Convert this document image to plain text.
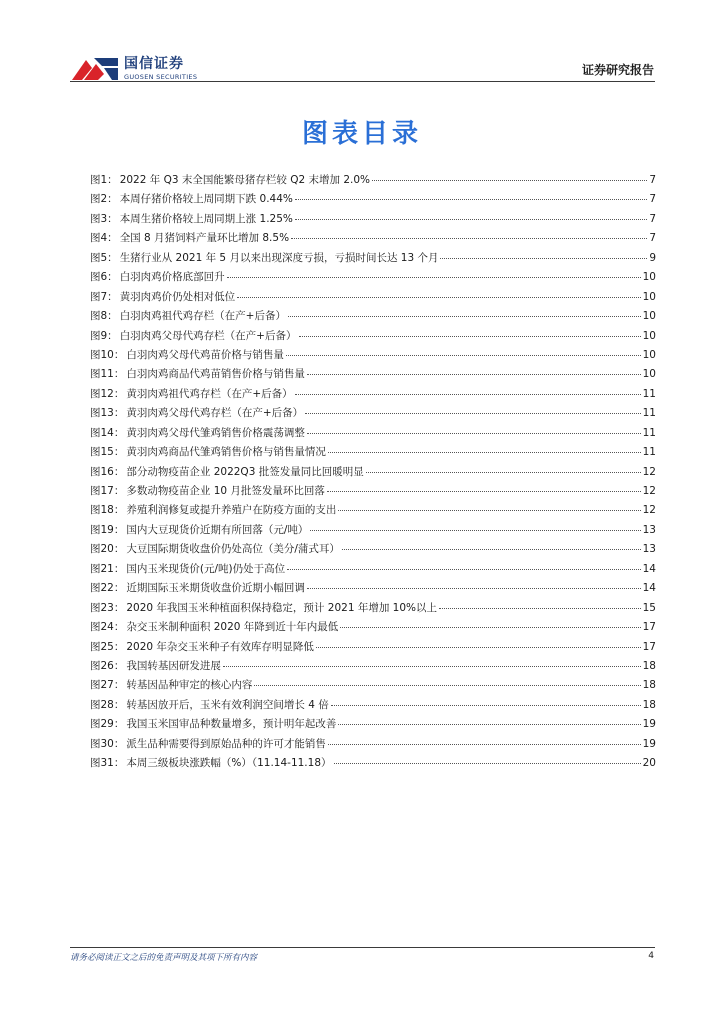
国信证券
GUOSEN SECURITIES	证券研究报告
图表目录
图1： 2022 年 Q3 末全国能繁母猪存栏较 Q2 末增加 2.0%	7
图2： 本周仔猪价格较上周同期下跌 0.44%	7
图3： 本周生猪价格较上周同期上涨 1.25%	7
图4： 全国 8 月猪饲料产量环比增加 8.5%	7
图5： 生猪行业从 2021 年 5 月以来出现深度亏损，亏损时间长达 13 个月	9
图6： 白羽肉鸡价格底部回升	10
图7： 黄羽肉鸡价仍处相对低位	10
图8： 白羽肉鸡祖代鸡存栏（在产+后备）	10
图9： 白羽肉鸡父母代鸡存栏（在产+后备）	10
图10： 白羽肉鸡父母代鸡苗价格与销售量	10
图11： 白羽肉鸡商品代鸡苗销售价格与销售量	10
图12： 黄羽肉鸡祖代鸡存栏（在产+后备）	11
图13： 黄羽肉鸡父母代鸡存栏（在产+后备）	11
图14： 黄羽肉鸡父母代雏鸡销售价格震荡调整	11
图15： 黄羽肉鸡商品代雏鸡销售价格与销售量情况	11
图16： 部分动物疫苗企业 2022Q3 批签发量同比回暖明显	12
图17： 多数动物疫苗企业 10 月批签发量环比回落	12
图18： 养殖利润修复或提升养殖户在防疫方面的支出	12
图19： 国内大豆现货价近期有所回落（元/吨）	13
图20： 大豆国际期货收盘价仍处高位（美分/蒲式耳）	13
图21： 国内玉米现货价(元/吨)仍处于高位	14
图22： 近期国际玉米期货收盘价近期小幅回调	14
图23： 2020 年我国玉米种植面积保持稳定，预计 2021 年增加 10%以上	15
图24： 杂交玉米制种面积 2020 年降到近十年内最低	17
图25： 2020 年杂交玉米种子有效库存明显降低	17
图26： 我国转基因研发进展	18
图27： 转基因品种审定的核心内容	18
图28： 转基因放开后，玉米有效利润空间增长 4 倍	18
图29： 我国玉米国审品种数量增多，预计明年起改善	19
图30： 派生品种需要得到原始品种的许可才能销售	19
图31： 本周三级板块涨跌幅（%）（11.14-11.18）	20
请务必阅读正文之后的免责声明及其项下所有内容	4
